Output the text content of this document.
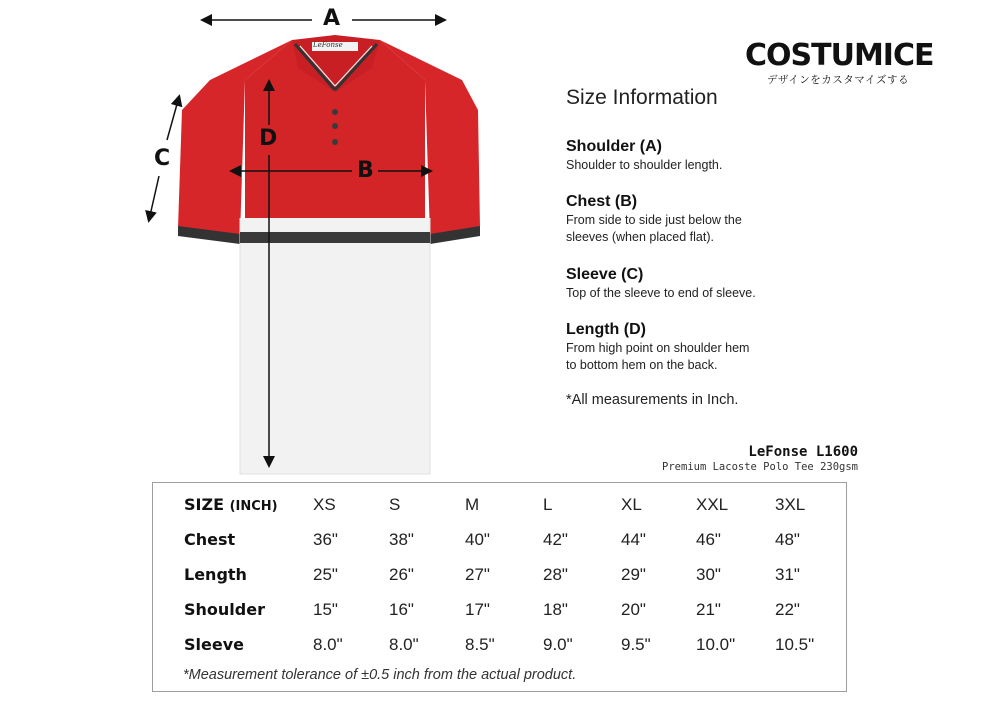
LeFonse
A
B
C
D
COSTUMICE
デザインをカスタマイズする
Size Information
Shoulder (A)
Shoulder to shoulder length.
Chest (B)
From side to side just below the
sleeves (when placed flat).
Sleeve (C)
Top of the sleeve to end of sleeve.
Length (D)
From high point on shoulder hem
to bottom hem on the back.
*All measurements in Inch.
LeFonse L1600
Premium Lacoste Polo Tee 230gsm
SIZE (INCH) XS	S	M	L	XL	XXL	3XL
Chest	36ʺ	38ʺ	40ʺ	42ʺ	44ʺ	46ʺ	48ʺ
Length	25ʺ	26ʺ	27ʺ	28ʺ	29ʺ	30ʺ	31ʺ
Shoulder	15ʺ	16ʺ	17ʺ	18ʺ	20ʺ	21ʺ	22ʺ
Sleeve	8.0ʺ	8.0ʺ	8.5ʺ	9.0ʺ	9.5ʺ	10.0ʺ 10.5ʺ
*Measurement tolerance of ±0.5 inch from the actual product.
